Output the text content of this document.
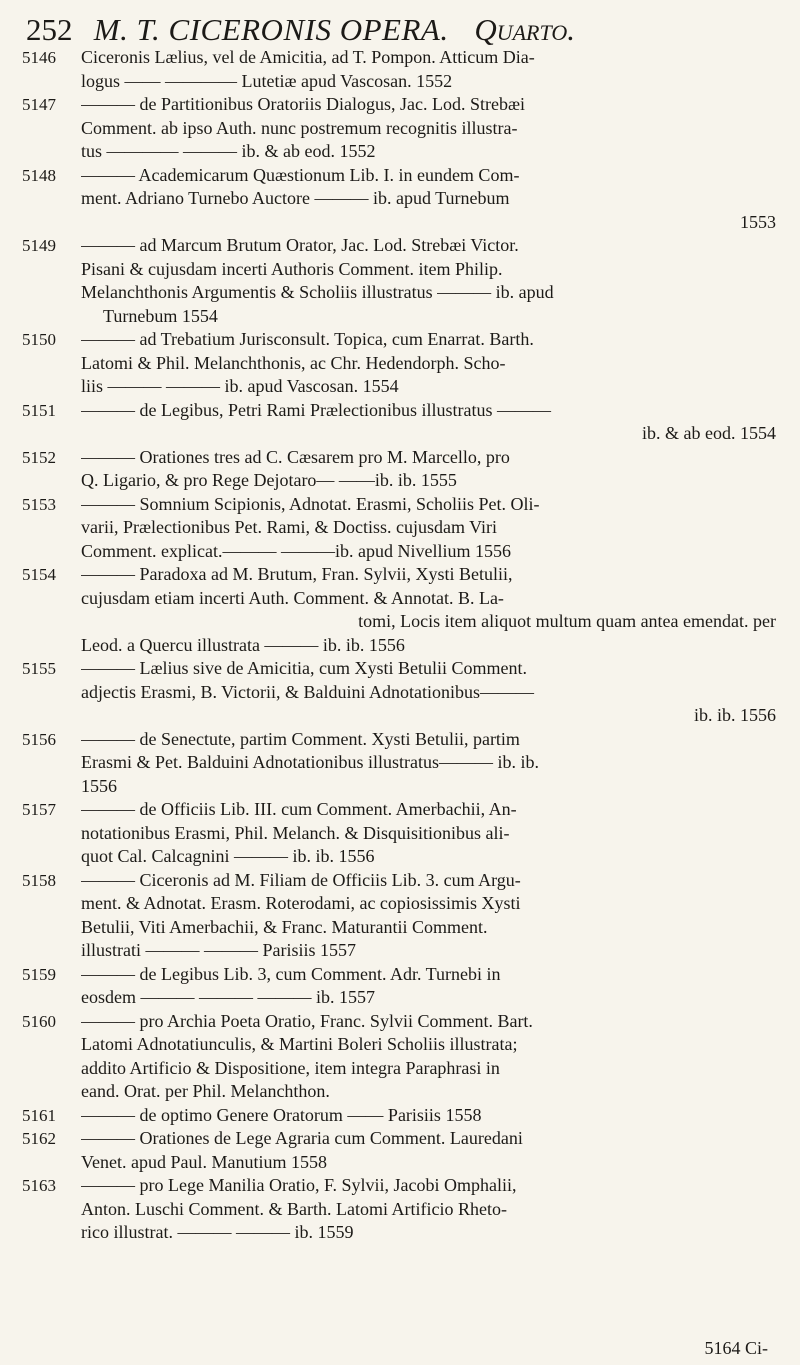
252 M. T. CICERONIS OPERA. Quarto.
5146	Ciceronis Lælius, vel de Amicitia, ad T. Pompon. Atticum Dia-
logus —— ———— Lutetiæ apud Vascosan. 1552
5147	——— de Partitionibus Oratoriis Dialogus, Jac. Lod. Strebæi
Comment. ab ipso Auth. nunc postremum recognitis illustra-
tus ———— ——— ib. & ab eod. 1552
5148	——— Academicarum Quæstionum Lib. I. in eundem Com-
ment. Adriano Turnebo Auctore ——— ib. apud Turnebum
1553
5149	——— ad Marcum Brutum Orator, Jac. Lod. Strebæi Victor.
Pisani & cujusdam incerti Authoris Comment. item Philip.
Melanchthonis Argumentis & Scholiis illustratus ——— ib. apud
Turnebum 1554
5150	——— ad Trebatium Jurisconsult. Topica, cum Enarrat. Barth.
Latomi & Phil. Melanchthonis, ac Chr. Hedendorph. Scho-
liis ——— ——— ib. apud Vascosan. 1554
5151	——— de Legibus, Petri Rami Prælectionibus illustratus ———
ib. & ab eod. 1554
5152	——— Orationes tres ad C. Cæsarem pro M. Marcello, pro
Q. Ligario, & pro Rege Dejotaro— ——ib. ib. 1555
5153	——— Somnium Scipionis, Adnotat. Erasmi, Scholiis Pet. Oli-
varii, Prælectionibus Pet. Rami, & Doctiss. cujusdam Viri
Comment. explicat.——— ———ib. apud Nivellium 1556
5154	——— Paradoxa ad M. Brutum, Fran. Sylvii, Xysti Betulii,
cujusdam etiam incerti Auth. Comment. & Annotat. B. La-
tomi, Locis item aliquot multum quam antea emendat. per
Leod. a Quercu illustrata ——— ib. ib. 1556
5155	——— Lælius sive de Amicitia, cum Xysti Betulii Comment.
adjectis Erasmi, B. Victorii, & Balduini Adnotationibus———
ib. ib. 1556
5156	——— de Senectute, partim Comment. Xysti Betulii, partim
Erasmi & Pet. Balduini Adnotationibus illustratus——— ib. ib.
1556
5157	——— de Officiis Lib. III. cum Comment. Amerbachii, An-
notationibus Erasmi, Phil. Melanch. & Disquisitionibus ali-
quot Cal. Calcagnini ——— ib. ib. 1556
5158	——— Ciceronis ad M. Filiam de Officiis Lib. 3. cum Argu-
ment. & Adnotat. Erasm. Roterodami, ac copiosissimis Xysti
Betulii, Viti Amerbachii, & Franc. Maturantii Comment.
illustrati ——— ——— Parisiis 1557
5159	——— de Legibus Lib. 3, cum Comment. Adr. Turnebi in
eosdem ——— ——— ——— ib. 1557
5160	——— pro Archia Poeta Oratio, Franc. Sylvii Comment. Bart.
Latomi Adnotatiunculis, & Martini Boleri Scholiis illustrata;
addito Artificio & Dispositione, item integra Paraphrasi in
eand. Orat. per Phil. Melanchthon.
5161	——— de optimo Genere Oratorum —— Parisiis 1558
5162	——— Orationes de Lege Agraria cum Comment. Lauredani
Venet. apud Paul. Manutium 1558
5163	——— pro Lege Manilia Oratio, F. Sylvii, Jacobi Omphalii,
Anton. Luschi Comment. & Barth. Latomi Artificio Rheto-
rico illustrat. ——— ——— ib. 1559
5164 Ci-
